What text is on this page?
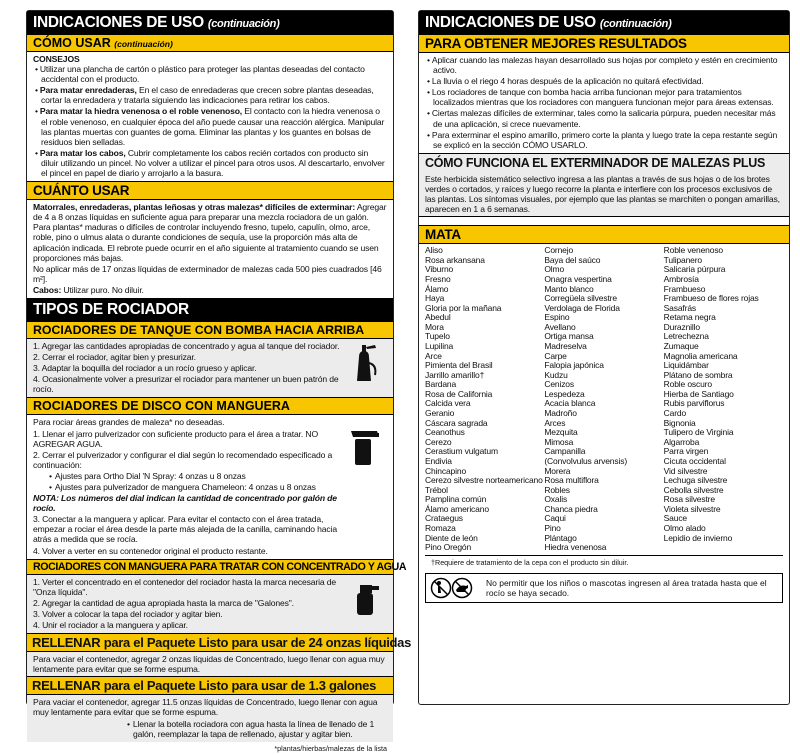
INDICACIONES DE USO (continuación)
CÓMO USAR (continuación)
CONSEJOS

• Utilizar una plancha de cartón o plástico para proteger las plantas deseadas del contacto accidental con el producto.

• Para matar enredaderas, En el caso de enredaderas que crecen sobre plantas deseadas, cortar la enredadera y tratarla siguiendo las indicaciones para retirar los cabos.

• Para matar la hiedra venenosa o el roble venenoso, El contacto con la hiedra venenosa o el roble venenoso, en cualquier época del año puede causar una reacción alérgica. Manipular las plantas muertas con guantes de goma. Eliminar las plantas y los guantes en bolsas de residuos bien selladas.

• Para matar los cabos, Cubrir completamente los cabos recién cortados con producto sin diluir utilizando un pincel. No volver a utilizar el pincel para otros usos. Al descartarlo, envolver el pincel en papel de diario y arrojarlo a la basura.

CUÁNTO USAR

Matorrales, enredaderas, plantas leñosas y otras malezas* difíciles de exterminar: Agregar de 4 a 8 onzas líquidas en suficiente agua para preparar una mezcla rociadora de un galón. Para plantas* maduras o difíciles de controlar incluyendo fresno, tupelo, capulín, olmo, arce, roble, pino o ulmus alata o durante condiciones de sequía, use la proporción más alta de aplicación indicada. El rebrote puede ocurrir en el año siguiente al tratamiento cuando se usen proporciones más bajas.

No aplicar más de 17 onzas líquidas de exterminador de malezas cada 500 pies cuadrados [46 m²].

Cabos: Utilizar puro. No diluir.

TIPOS DE ROCIADOR
ROCIADORES DE TANQUE CON BOMBA HACIA ARRIBA

1. Agregar las cantidades apropiadas de concentrado y agua al tanque del rociador.

2. Cerrar el rociador, agitar bien y presurizar.

3. Adaptar la boquilla del rociador a un rocío grueso y aplicar.

4. Ocasionalmente volver a presurizar el rociador para mantener un buen patrón de rocío.

ROCIADORES DE DISCO CON MANGUERA

Para rociar áreas grandes de maleza* no deseadas.

1. Llenar el jarro pulverizador con suficiente producto para el área a tratar. NO AGREGAR AGUA.

2. Cerrar el pulverizador y configurar el dial según lo recomendado especificado a continuación:

• Ajustes para Ortho Dial 'N Spray: 4 onzas u 8 onzas

• Ajustes para pulverizador de manguera Chameleon: 4 onzas u 8 onzas

NOTA: Los números del dial indican la cantidad de concentrado por galón de rocío.

3. Conectar a la manguera y aplicar. Para evitar el contacto con el área tratada, empezar a rociar el área desde la parte más alejada de la canilla, caminando hacia atrás a medida que se rocía.

4. Volver a verter en su contenedor original el producto restante.

ROCIADORES CON MANGUERA PARA TRATAR CON CONCENTRADO Y AGUA

1. Verter el concentrado en el contenedor del rociador hasta la marca necesaria de "Onza líquida".

2. Agregar la cantidad de agua apropiada hasta la marca de "Galones".

3. Volver a colocar la tapa del rociador y agitar bien.

4. Unir el rociador a la manguera y aplicar.

RELLENAR para el Paquete Listo para usar de 24 onzas líquidas
Para vaciar el contenedor, agregar 2 onzas líquidas de Concentrado, luego llenar con agua muy lentamente para evitar que se forme espuma.
RELLENAR para el Paquete Listo para usar de 1.3 galones

Para vaciar el contenedor, agregar 11.5 onzas líquidas de Concentrado, luego llenar con agua muy lentamente para evitar que se forme espuma.

• Llenar la botella rociadora con agua hasta la línea de llenado de 1 galón, reemplazar la tapa de rellenado, ajustar y agitar bien.

*plantas/hierbas/malezas de la lista
INDICACIONES DE USO (continuación)
PARA OBTENER MEJORES RESULTADOS

• Aplicar cuando las malezas hayan desarrollado sus hojas por completo y estén en crecimiento activo.

• La lluvia o el riego 4 horas después de la aplicación no quitará efectividad.

• Los rociadores de tanque con bomba hacia arriba funcionan mejor para tratamientos localizados mientras que los rociadores con manguera funcionan mejor para áreas extensas.

• Ciertas malezas difíciles de exterminar, tales como la salicaria púrpura, pueden necesitar más de una aplicación, si crece nuevamente.

• Para exterminar el espino amarillo, primero corte la planta y luego trate la cepa restante según se explicó en la sección CÓMO USARLO.

CÓMO FUNCIONA EL EXTERMINADOR DE MALEZAS PLUS
Este herbicida sistemático selectivo ingresa a las plantas a través de sus hojas o de los brotes verdes o cortados, y raíces y luego recorre la planta e interfiere con los procesos exclusivos de las plantas. Los síntomas visuales, por ejemplo que las plantas se marchiten o pongan amarillas, aparecen en 1 a 6 semanas.
MATA
Aliso
Rosa arkansana
Viburno
Fresno
Álamo
Haya
Gloria por la mañana
Abedul
Mora
Tupelo
Lupilina
Arce
Pimienta del Brasil
Jarrillo amarillo†
Bardana
Rosa de California
Calcida vera
Geranio
Cáscara sagrada
Ceanothus
Cerezo
Cerastium vulgatum
Endivia
Chincapino
Cerezo silvestre norteamericano
Trébol
Pamplina común
Álamo americano
Crataegus
Romaza
Diente de león
Pino Oregón
Cornejo
Baya del saúco
Olmo
Onagra vespertina
Manto blanco
Corregüela silvestre
Verdolaga de Florida
Espino
Avellano
Ortiga mansa
Madreselva
Carpe
Falopia japónica
Kudzu
Cenizos
Lespedeza
Acacia blanca
Madroño
Arces
Mezquita
Mimosa
Campanilla
(Convolvulus arvensis)
Morera
Rosa multiflora
Robles
Oxalis
Chanca piedra
Caqui
Pino
Plántago
Hiedra venenosa
Roble venenoso
Tulipanero
Salicaria púrpura
Ambrosía
Frambueso
Frambueso de flores rojas
Sasafrás
Retama negra
Duraznillo
Letrechezna
Zumaque
Magnolia americana
Liquidámbar
Plátano de sombra
Roble oscuro
Hierba de Santiago
Rubis parviflorus
Cardo
Bignonia
Tulipero de Virginia
Algarroba
Parra virgen
Cicuta occidental
Vid silvestre
Lechuga silvestre
Cebolla silvestre
Rosa silvestre
Violeta silvestre
Sauce
Olmo alado
Lepidio de invierno
†Requiere de tratamiento de la cepa con el producto sin diluir.
No permitir que los niños o mascotas ingresen al área tratada hasta que el rocío se haya secado.
